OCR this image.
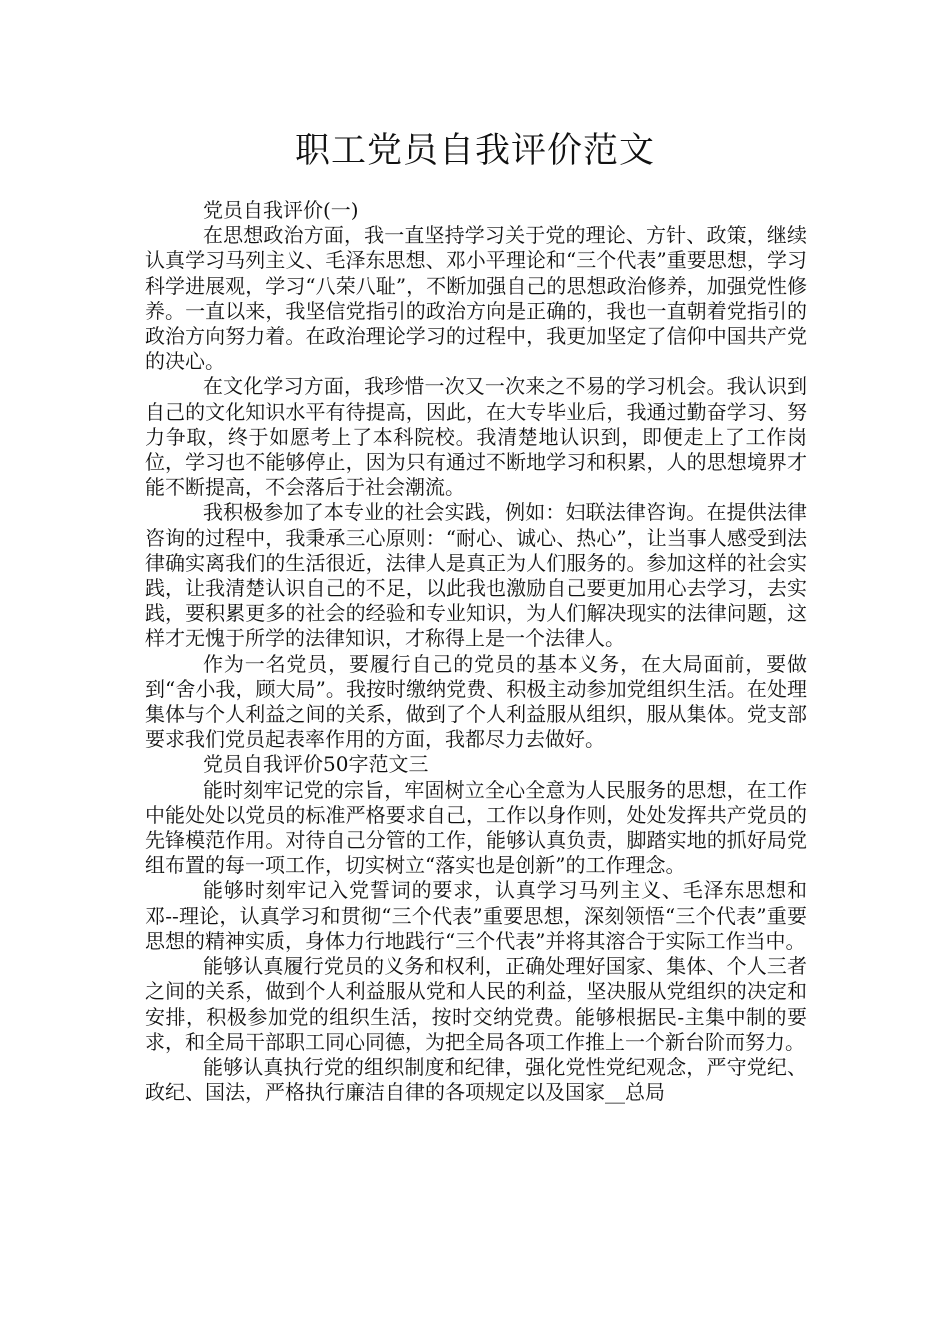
职工党员自我评价范文

党员自我评价(一)

在思想政治方面，我一直坚持学习关于党的理论、方针、政策，继续认真学习马列主义、毛泽东思想、邓小平理论和“三个代表”重要思想，学习科学进展观，学习“八荣八耻”，不断加强自己的思想政治修养，加强党性修养。一直以来，我坚信党指引的政治方向是正确的，我也一直朝着党指引的政治方向努力着。在政治理论学习的过程中，我更加坚定了信仰中国共产党的决心。

在文化学习方面，我珍惜一次又一次来之不易的学习机会。我认识到自己的文化知识水平有待提高，因此，在大专毕业后，我通过勤奋学习、努力争取，终于如愿考上了本科院校。我清楚地认识到，即便走上了工作岗位，学习也不能够停止，因为只有通过不断地学习和积累，人的思想境界才能不断提高，不会落后于社会潮流。

我积极参加了本专业的社会实践，例如：妇联法律咨询。在提供法律咨询的过程中，我秉承三心原则：“耐心、诚心、热心”，让当事人感受到法律确实离我们的生活很近，法律人是真正为人们服务的。参加这样的社会实践，让我清楚认识自己的不足，以此我也激励自己要更加用心去学习，去实践，要积累更多的社会的经验和专业知识，为人们解决现实的法律问题，这样才无愧于所学的法律知识，才称得上是一个法律人。

作为一名党员，要履行自己的党员的基本义务，在大局面前，要做到“舍小我，顾大局”。我按时缴纳党费、积极主动参加党组织生活。在处理集体与个人利益之间的关系，做到了个人利益服从组织，服从集体。党支部要求我们党员起表率作用的方面，我都尽力去做好。

党员自我评价50字范文三

能时刻牢记党的宗旨，牢固树立全心全意为人民服务的思想，在工作中能处处以党员的标准严格要求自己，工作以身作则，处处发挥共产党员的先锋模范作用。对待自己分管的工作，能够认真负责，脚踏实地的抓好局党组布置的每一项工作，切实树立“落实也是创新”的工作理念。

能够时刻牢记入党誓词的要求，认真学习马列主义、毛泽东思想和邓--理论，认真学习和贯彻“三个代表”重要思想，深刻领悟“三个代表”重要思想的精神实质，身体力行地践行“三个代表”并将其溶合于实际工作当中。

能够认真履行党员的义务和权利，正确处理好国家、集体、个人三者之间的关系，做到个人利益服从党和人民的利益，坚决服从党组织的决定和安排，积极参加党的组织生活，按时交纳党费。能够根据民-主集中制的要求，和全局干部职工同心同德，为把全局各项工作推上一个新台阶而努力。

能够认真执行党的组织制度和纪律，强化党性党纪观念，严守党纪、政纪、国法，严格执行廉洁自律的各项规定以及国家__总局
